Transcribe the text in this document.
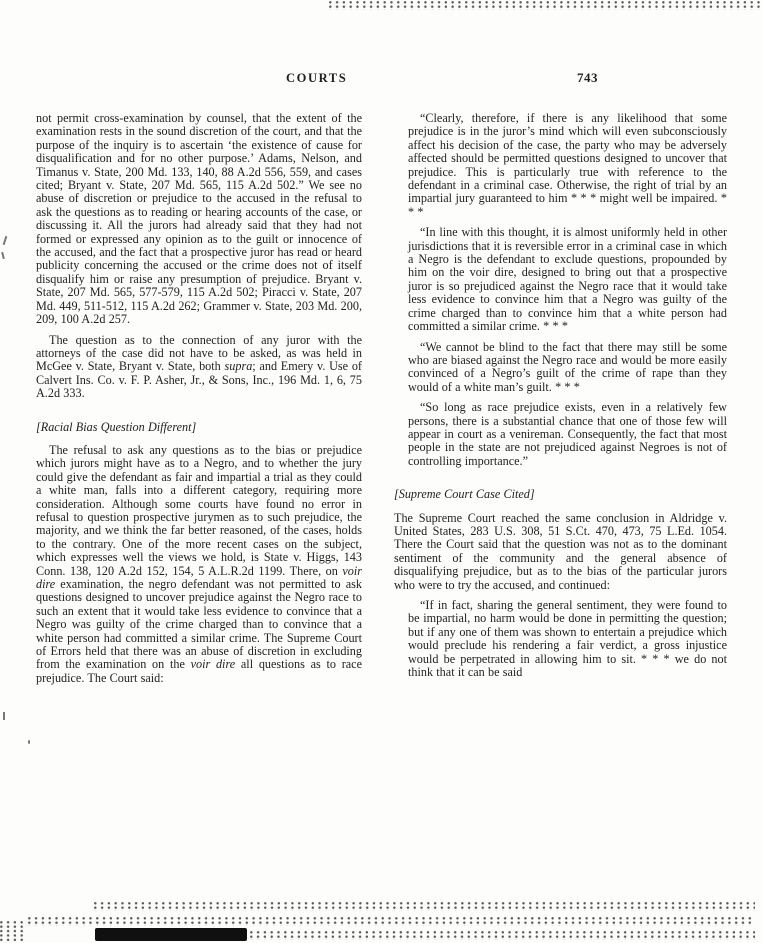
COURTS	743
not permit cross-examination by counsel, that the extent of the examination rests in the sound discretion of the court, and that the purpose of the inquiry is to ascertain ‘the existence of cause for disqualification and for no other purpose.’ Adams, Nelson, and Timanus v. State, 200 Md. 133, 140, 88 A.2d 556, 559, and cases cited; Bryant v. State, 207 Md. 565, 115 A.2d 502.” We see no abuse of discretion or prejudice to the accused in the refusal to ask the questions as to reading or hearing accounts of the case, or discussing it. All the jurors had already said that they had not formed or expressed any opinion as to the guilt or innocence of the accused, and the fact that a prospective juror has read or heard publicity concerning the accused or the crime does not of itself disqualify him or raise any presumption of prejudice. Bryant v. State, 207 Md. 565, 577-579, 115 A.2d 502; Piracci v. State, 207 Md. 449, 511-512, 115 A.2d 262; Grammer v. State, 203 Md. 200, 209, 100 A.2d 257.
The question as to the connection of any juror with the attorneys of the case did not have to be asked, as was held in McGee v. State, Bryant v. State, both supra; and Emery v. Use of Calvert Ins. Co. v. F. P. Asher, Jr., & Sons, Inc., 196 Md. 1, 6, 75 A.2d 333.
[Racial Bias Question Different]
The refusal to ask any questions as to the bias or prejudice which jurors might have as to a Negro, and to whether the jury could give the defendant as fair and impartial a trial as they could a white man, falls into a different category, requiring more consideration. Although some courts have found no error in refusal to question prospective jurymen as to such prejudice, the majority, and we think the far better reasoned, of the cases, holds to the contrary. One of the more recent cases on the subject, which expresses well the views we hold, is State v. Higgs, 143 Conn. 138, 120 A.2d 152, 154, 5 A.L.R.2d 1199. There, on voir dire examination, the negro defendant was not permitted to ask questions designed to uncover prejudice against the Negro race to such an extent that it would take less evidence to convince that a Negro was guilty of the crime charged than to convince that a white person had committed a similar crime. The Supreme Court of Errors held that there was an abuse of discretion in excluding from the examination on the voir dire all questions as to race prejudice. The Court said:
“Clearly, therefore, if there is any likelihood that some prejudice is in the juror’s mind which will even subconsciously affect his decision of the case, the party who may be adversely affected should be permitted questions designed to uncover that prejudice. This is particularly true with reference to the defendant in a criminal case. Otherwise, the right of trial by an impartial jury guaranteed to him * * * might well be impaired. * * *
“In line with this thought, it is almost uniformly held in other jurisdictions that it is reversible error in a criminal case in which a Negro is the defendant to exclude questions, propounded by him on the voir dire, designed to bring out that a prospective juror is so prejudiced against the Negro race that it would take less evidence to convince him that a Negro was guilty of the crime charged than to convince him that a white person had committed a similar crime. * * *
“We cannot be blind to the fact that there may still be some who are biased against the Negro race and would be more easily convinced of a Negro’s guilt of the crime of rape than they would of a white man’s guilt. * * *
“So long as race prejudice exists, even in a relatively few persons, there is a substantial chance that one of those few will appear in court as a venireman. Consequently, the fact that most people in the state are not prejudiced against Negroes is not of controlling importance.”
[Supreme Court Case Cited]
The Supreme Court reached the same conclusion in Aldridge v. United States, 283 U.S. 308, 51 S.Ct. 470, 473, 75 L.Ed. 1054. There the Court said that the question was not as to the dominant sentiment of the community and the general absence of disqualifying prejudice, but as to the bias of the particular jurors who were to try the accused, and continued:
“If in fact, sharing the general sentiment, they were found to be impartial, no harm would be done in permitting the question; but if any one of them was shown to entertain a prejudice which would preclude his rendering a fair verdict, a gross injustice would be perpetrated in allowing him to sit. * * * we do not think that it can be said
